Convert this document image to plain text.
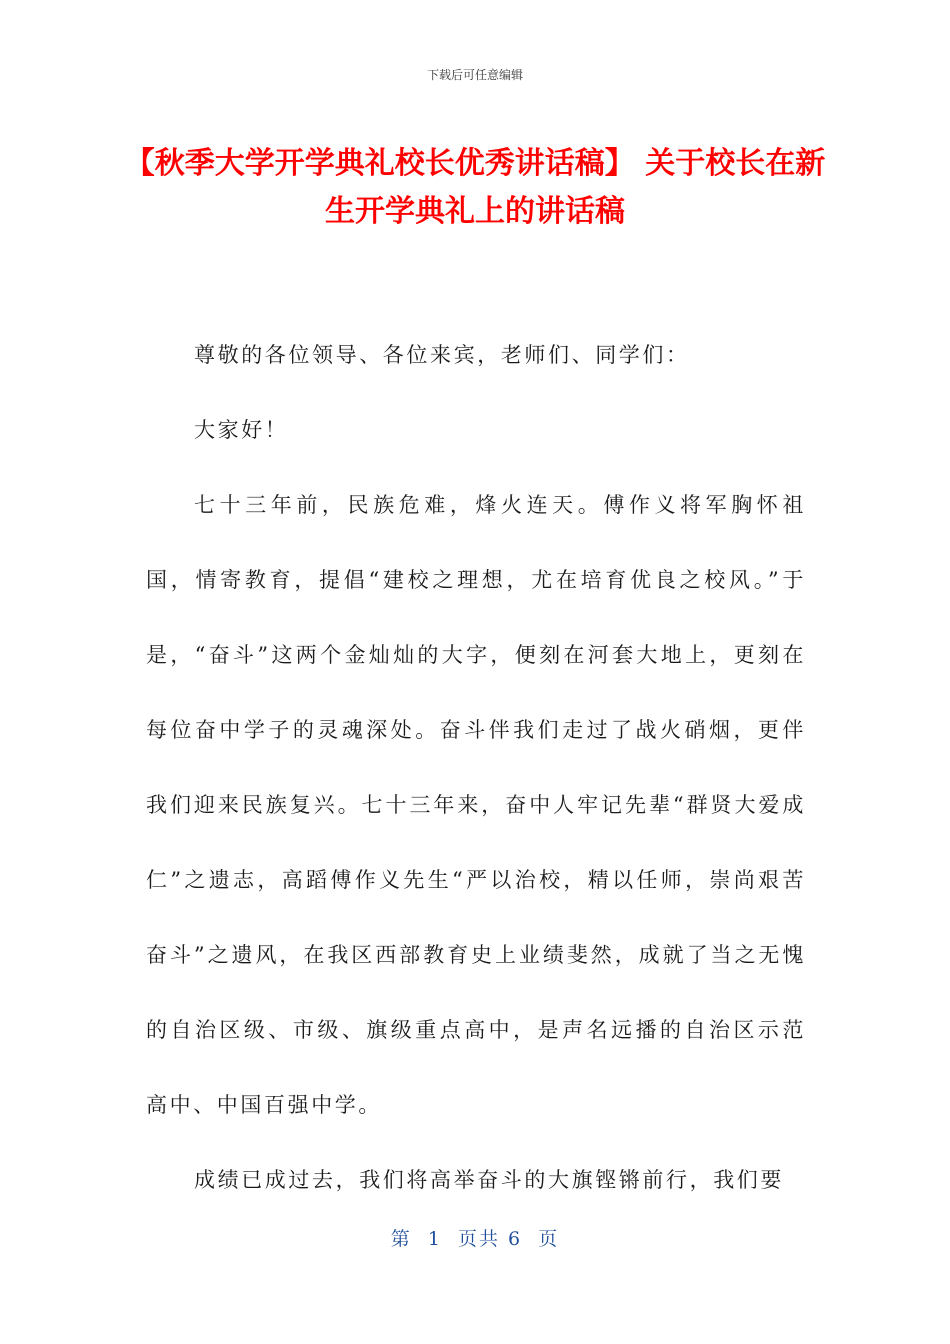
下载后可任意编辑
【秋季大学开学典礼校长优秀讲话稿】 关于校长在新生开学典礼上的讲话稿

尊敬的各位领导、各位来宾，老师们、同学们：

大家好！

七十三年前，民族危难，烽火连天。傅作义将军胸怀祖国，情寄教育，提倡“建校之理想，尤在培育优良之校风。”于是，“奋斗”这两个金灿灿的大字，便刻在河套大地上，更刻在每位奋中学子的灵魂深处。奋斗伴我们走过了战火硝烟，更伴我们迎来民族复兴。七十三年来，奋中人牢记先辈“群贤大爱成仁”之遗志，高蹈傅作义先生“严以治校，精以任师，崇尚艰苦奋斗”之遗风，在我区西部教育史上业绩斐然，成就了当之无愧的自治区级、市级、旗级重点高中，是声名远播的自治区示范高中、中国百强中学。

成绩已成过去，我们将高举奋斗的大旗铿锵前行，我们要

第  1  页共 6  页
